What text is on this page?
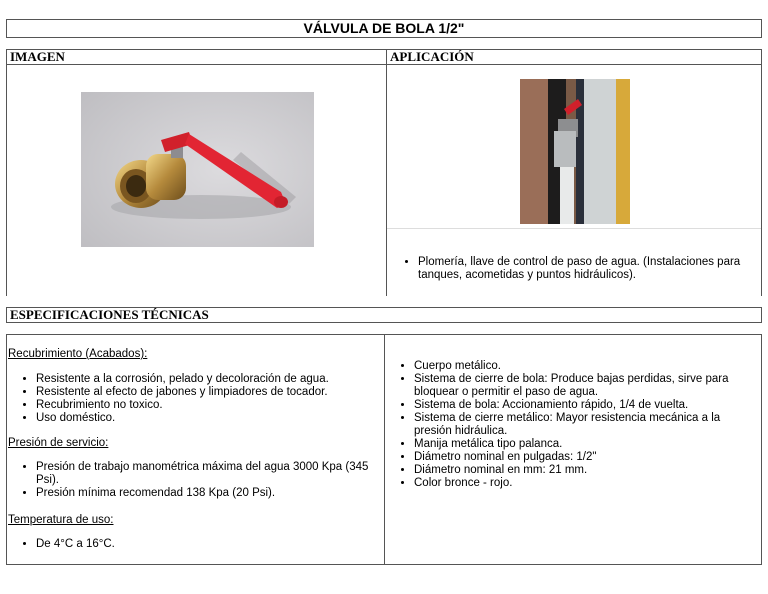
VÁLVULA DE BOLA 1/2"
IMAGEN	APLICACIÓN
• Plomería, llave de control de paso de agua. (Instalaciones para tanques, acometidas y puntos hidráulicos).
ESPECIFICACIONES TÉCNICAS
Recubrimiento (Acabados):
• Resistente a la corrosión, pelado y decoloración de agua.
• Resistente al efecto de jabones y limpiadores de tocador.
• Recubrimiento no toxico.
• Uso doméstico.
Presión de servicio:
• Presión de trabajo manométrica máxima del agua 3000 Kpa (345 Psi).
• Presión mínima recomendad 138 Kpa (20 Psi).
Temperatura de uso:
• De 4°C a 16°C.
• Cuerpo metálico.
• Sistema de cierre de bola: Produce bajas perdidas, sirve para bloquear o permitir el paso de agua.
• Sistema de bola: Accionamiento rápido, 1/4 de vuelta.
• Sistema de cierre metálico: Mayor resistencia mecánica a la presión hidráulica.
• Manija metálica tipo palanca.
• Diámetro nominal en pulgadas: 1/2"
• Diámetro nominal en mm: 21 mm.
• Color bronce - rojo.
